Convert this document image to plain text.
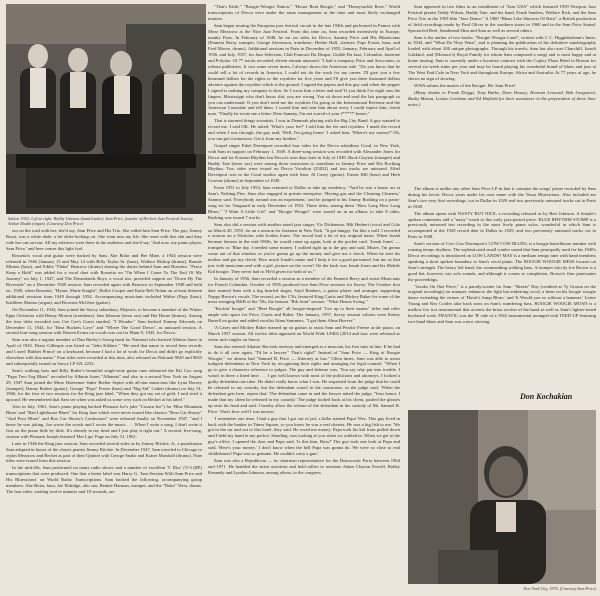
Sabine 1952; Left to right: Bobby Johnson (band leader), Sam Price, founder of Herbert Jazz Festival Society, Arthur Dodds (organ). (Courtesy Don Price)

out on the road with her, she'd say, Sam Price and His Trio. She called him Sam Price. The guy, Jimmy Rossi, was a white dude, a bit older-looking cat. She went into my life. She went with this shit and they rode her out on tour. All my relatives were there in the audience and she'd say, 'And now, my piano player, Sam Price,' and here comes this light fool.

Rossetta's vocal and guitar were backed by Sam, Abe Bolar and Her Mine, a 1944 session were released in 1946 (January 13 and May 14 with Billy Taylor Sr. (bass), Wallace Bishop (drums), Bonnie Minton (bass), and Eddie "Fluke" Bearrow (drums) sharing the duties behind Sam and Rossetta. "Peace Keep a Hold" was added for a vocal duet with Rossetta on "On When I Come To The End Of My Journey" on July 1, 1947, and The Dreamlands Boys, a vocal trio, provided support on "Down By The Riverside" on a December 1949 session. Sam recorded again with Bearrow in September 1948 and held on. 1949, when Rossetta, "Hymn, Marie Knight", Hollie Cooper and Katie Bell Nolan on at least thirteen additional sessions from 1949 through 1954. Accompanying musicians included Walter (Page (bass), Kathleen Marino (organ), and Brownie McGhee (guitar).

On November 11, 1944, Sam joined the Savoy subsidiary, Majestic, to become a member of the Winter Epps Orchestra with Benny Morton (trombone), Jam Johnson (tenor sax) and Hot Horne (drums). Among the four titles recorded was Cee Cee's Guest startled, "I Wonder." Sam backed Tommy Edwards on December 11, 1944, for "Beat Buckets Love" and "Where The Good Down", as unissued session. A second four-song session with Warren Evans on vocals was cut for Muni 9, 1945, for Decca.

Sam was also a regular member of Dan Burley's Swing band for National who backed Albinia Jones in April of 1945. Dizzy Gillespie was listed as "John Kildare." "He used that name to record bass records and I used 'Bubber Prince' on a keyboard, because I had a lot of work for Decca and didn't go explicitly elsewhere with that name." Four titles were recorded at this time, also released on National 9045 and 9043 and subsequently issued on Savoy LP SJL 2233.

Sam's walking bass and Billy Butler's beautiful single-note guitar runs enhanced the Eki Coo song "Papa Treo Fog Blues" recorded by Albinia Jones "Albinnia" and also in a second New York on August 29, 1947 Sam joined the Mose Hoenemer Saber Berber Septet with all-star musicians like Lynn Dorsey (trumpet), Danny Barker (guitar), George "Pops" Foster (bass) and "Big Sid" Catlett (drums) on July 31, 1960, for the first of two sessions for the King jazz label. "When they got my set of gold, I said tried it upward. He remembered that Sam set when was asked us some very such on Becket at his label."

Also in July, 1961, Sam's piano playing backed Pleasant Joe's joke "Cousin Joe") for 'Blue Mountain Blues' and "Bad Lighthouse Blues" for King Jazz which were never issued like classics "Boss Cat Shorty" "And Poor Blues" and Box Car Shorty's Confession" were released finally on November 1947. "and I knew he was joking. Joe wrote the words and I wrote the music . . . When I write a song, I don't write it first on the piano little by little. It's already in my head and I just play it right out." A second, five-song, session with Pleasant Joseph featured 'Hot Lips' Page on July 31, 1961.

Later in 1946 the King jazz session, Sam recorded several sides as by Jimmy Ritchie, Jr., a pseudonym Sam adopted in honor of the classic pianist Jimmy Ritchie. In December 1947, Sam traveled to Chicago to rejoin Mezzrow and Bechet as part of their Quintet with George Snake and Kaiser Marshall (drums). Nine titles were issued from this session.

In the mid-40s, Sam performed on many radio shows and a number of excellent 'V Disc' (V-3 (RP) transcriptions that were produced. One that a better label was Harry G. 'Jam Session With Sam Price and His Bluesicians' on World Radio Transcriptions. Sam backed the following, accompanying group members: Abe Bolar, bass; Joe Eldridge, alto sax; Bennie Harman, trumpet; and the "Duke" West, drums. The four titles, totaling twelve minutes and 18 seconds, are

"That's Kidn'," "Boogie-Woogie Nation," "House Rent Boogie," and "Honeysuckle Rose." World transcriptions of Decca were under the same management at the time and most likely exchanged masters.

Sam began touring the European jazz festival circuit in the late 1940s and performed in France with Mezz Mezzrow at the Nice Jazz Festival. From this time on, Sam recorded extensively in Europe, mainly Paris. In February of 1948, he cut six sides for Decca, Sammy Price and His Bluesicians (Emmett Berry, trumpet; George Stevenson, trombone; Herbie Hall, clarinet; Pops Foster, bass; and Fred Moore, drums). Additional sessions in Paris in December of 1955, January, February and April of 1956, and July, 1957, for Jazz Selection, Club Francais Du Disque, Guilde Du Jazz, Columbia, Jazztone and Polydor. Of 77 tracks recorded, eleven remain unissued. "I had a company, Price and Associates, to release publishers. It cost some seven times, I always shows the American side. "Do you know that he could sell a lot of records in America, I could not do the work for my career. I'll give you a few thousand dollars for the rights to the royalties for five years and I'll give you three thousand dollars advance against the royalties which is the ground. I signed the papers and this guy said when the pepper I signed is nothing my company to him. So I wrote him a letter and said 'If you think I've eight ears the fingers, Mississippi who don't know shit, you are wrong. You sit down and read the last paragraph so you can understand. If you don't send me the royalties I'm going to the International Revenue and the American Consulate and tell them. I scared him and sent him about every I could expect him, check man. "Finally he wrote me a letter: Dear Sammy, I'm not scared of your f*****' bones."

That is stormed things scientists. I was in Denmark playing with the Big City Band. A guy wanted to record me. I said OK. He asked, 'What's your fee?' I told him the fee and royalties. I made the record and when I was through, the guy said, 'Well, I'm going home.' I asked him, 'Where's my money?' Oh, you can get it tomorrow. Get it from my brother."

Gospel singer Ethel Davenport recorded four sides for the Decca subsidiary Coral, in New York, with Sam in support on February 1, 1949. A three-song session was recorded with Alexander Jones for Decca and for Kustom Rhythm Ion Decca's own days later in July of 1949. Buck Clayton (trumpet) and Buddy Tate (tenor sax) were among those musicians to contribute to Jammy Price and His Rocking Rhythm. Two sides were issued on Decca Vocalion (25022) and two tracks are unissued. Ethel Davenport was in the Coral studios again with Sam. Al Casey (guitar), Ernest Hill (bass) and Herb Cowens (drums) in September of 1949.

From 1951 to July 1954, Sam returned to Dallas to take up residency. "And he was a house act at Sam's Nothing Pies. Sam also engaged in private enterprise; 'Having gas and the Cleaning Cleaners,' Sammy said. 'Everybody around was an experiment,' and he jumped to his Jimmy Rushing on a pawn-song set for Vanguard in early December of 1954. These titles, among them "How Long How Long Blues," "I Want A Little Girl" and "Boogie Woogie" were issued on in an album, to take 8 sides, Rushing was issued 7 tracks.

Sam also did a session with another noted jazz singer, Vic Dickenson, Hilt Herbert (vocal and Cole on March 20, 1955, for an a session for Jazztone in New York. "It got hungry. I'm like a wall. I recorded a session on a Nicholas with Jordan Jones. The record had a lot of my original tunes. When Jonah became famous in the mid-1960s, he would come up again, look at the pocket card. 'Jonah Jones' — trumpets or. 'Blue day. I needed some money. I walked right up to the guy and said, Mister, I'm gonna come out of that window or you're gonna go up the money and give me a check. When he sent his mother and got my check. How much Jonah's name and I keep it for a good personnel, but me as that just with musicians and with a girl. picture on the cover? On the back was Jonah Jones and his Mobile Kid boogie. They never had to.'He'd given for both of us."

In January of 1956, Sam recorded a session as a member of the Emmett Berry and sextet Musicians for French Columbia. October of 1956 produced two Sam Price sessions for Savoy. The October first date teamed Sam with a big hearted singer, Sayd Bankers, a guitar player and arranger, supporting Nappy Brown's vocals. The second, on the 17th, featured King Curtis and Mickey Baker for some of the most swinging R&B of the '50s, the famous "Rib Joint" session. "What Hearts Swing."

"Rockin' boogie" and "Beet Boogie" all boogie-inspired "live up to their names" titles and offer ample solo space for Price, Curtis and Baker. The January, 1957, Savoy session cohorts were Kenny Burrell on guitar and added vocalist Alma Sommers. "I got them Alma Hoever."

'A Casey and Mickey Baker teamed up on guitars to assist Sam and Pearlie Freeze at the piano, on March 1957 session. All twelve titles appeared on World Wide LP402 (2014 and four were released as seven inch singles on Savoy.

Sam also entered Atlantic Records territory and emerged as a muscian, his first time in line. If he had to do it all over again, "I'd be a lawyer." That's right!" Instead of "Sam Price — King of Boogie Woogie," we almost had "Samuel B. Price — Attorney at law." Often times, Sam was able to assist indigent defendants in New York by recognizing their rights and arranging for legal counsel. "When I go to give a character reference to judges. The guy and defense was, 'You say why put into trouble. I wasn't in there a lined time . . . I got well known with most of the politicians and attorneys. I looked a guilty defendant one time. He didn't really know what I was. He requested from the judge that he could be released in my custody, but the defendant wasn't in the courtroom, so the judge said, 'When the defendant gets here, repeat that.' The defendant came in and the lawyer asked the judge, 'Your honor, I made that my client be released in my custody.' The judge looked back at his client, pushed the glasses up onto his head and said. I hereby allow the release of the defendant in the custody of Mr. Samuel B. Price. That's how well I was known.'

'I remember one time, I had a guy that I got out of jail, a killer named Papa' Wes. This guy lived in back with the banker in Times Square, so you know he was a real cheater. He was a big fish to me. 'We got in the car and out to this hotel, they said. He owed me money. Papa took his kid from pulled down and I held my hand in my pocket. Standing, was looking at you when we walked in. When we get to the guy's office, I opened the door and Papa said, 'Is this him, Boss?' The guy took one look at Papa and said, 'Here's your money.' I don't know when the hell Papa was gonna do. We were so close to real childishness! Papa was so genuine. He couldn't carry a gun.'

Sam was also a Republican — its chairman representative for the Democratic Party between 1964 and 1971. He handled the street activities and held rallies to reinstate Adam Clayton Powell, Bobby Kennedy and Lyndon Johnson, among others, to the congress.

Sam appeared in two films in an installment of "Jazz USA" which featured 1959 Newport Jazz Festival pianist Teddy Wilson, Buddy Tate, and his band, Frank Sanders, Wallace Rich, and the Sam Price Trio in the 1959 film "Jazz Dance." A 1960 "Blues Like Showers Of Rain", a British production of field recordings made by Paul Oliver in the southern states in 1960 and in the Sam Price Sound. Spectacled Reel, Sanderand Slim and Sam as well as several others.

Sam is the author of two books: "Boogie Woogie Land", written with J. C. Higginbotham's Inner, in 1944, and "What Do They Want", and is planning the publication of his definitive autobiography loaded with about 200 unique photographs. Through his travels, Sam has also met Churchill, Israeli Gakkkol, and (Monaco's) Royal Family for whom Sam composed a song) and is most happy and at home touring. Sam is currently under a lucrative contract with the Copley Plaza Hotel in Boston for several six-week stints per year and may be found playing his wonderful brand of blues and jazz at The West End Cafe in New York and throughout Europe, Africa and Australia. At 77 years of age, he shows no sign of slowing.

WWA salutes the master of the Boogie: Mr. Sam Price!

(Many thanks to Frank Driggs, Tony Burke, Dave Hussey, Herman Leonard, Bob Longstreet, Busby Mason, Louise Gersham and Ed Hatfield for their assistance in the preparation of these liner notes.)

The album is unlike any other Sam Price LP in that it contains the songs' prime recorded by Sam during his hectic Decca years under his own name with the Texas Bluesicians. Also included are Sam's two very first recordings, cut in Dallas in 1929 and two previously unissued tracks cut in Paris in 1948.

The album opens with NASTY BUT NICE, a recording released as by Bert Johnson. A female's spoken comments add a "nasty" touch to this early jazz-period piece. BLUE RHYTHM STOMP is a previously unissued test recording in the most lively piano solos, wonderful in which Sam is accompanied at the 1929 record date in Dallas in 1929, and two previously unissued tracks cut in Paris in 1948.

Sam's version of Cow Cow Davenport's COW COW BLUES, is a boogie barrelhouse number with rousing tempo rhythms. The sophisticated small combo sound that Sam principally used for his 1940's Decca recordings is introduced on LOW LANDS? MAY is a medium tempo tune with band members speaking a short spoken boundary to Sam's vocal piano. The BOOGIE WOOGIE MESS focuses on Sam's strength. The heavy left hand, the commanding walking bass. A trumpet solo by Joe Brown is a good bet, however, sax solo sounds, and although it comes to completion, Brown's firm punctuates the proceedings.

"Jacobs On One Piece," is a parody/scatter for Sam. "Skeets" Hay (credited as Ty Groma on the original recordings) on trumpet, enhances the light but endearing vocal, a heart on his boogie woogie dance extending the virtues of 'Hawk's Jump Blues.' and 'It Would you so without a hammer.' Lester Young and Roy Cottles take back seats on Sam's wandering bass. BOOGIE WOOGIE MOAN is a mellow fox trot instrumental that accents the brass section of the band as well as Sam's lighter-toned keyboard work. FRANTIC was the 'B' side of a 1942 instrumental arranged with TEED UP featuring two-hand blues and Sam was a new slowing.

Don Kochakian
New York City, 1974. (Courtesy Sam Price)
